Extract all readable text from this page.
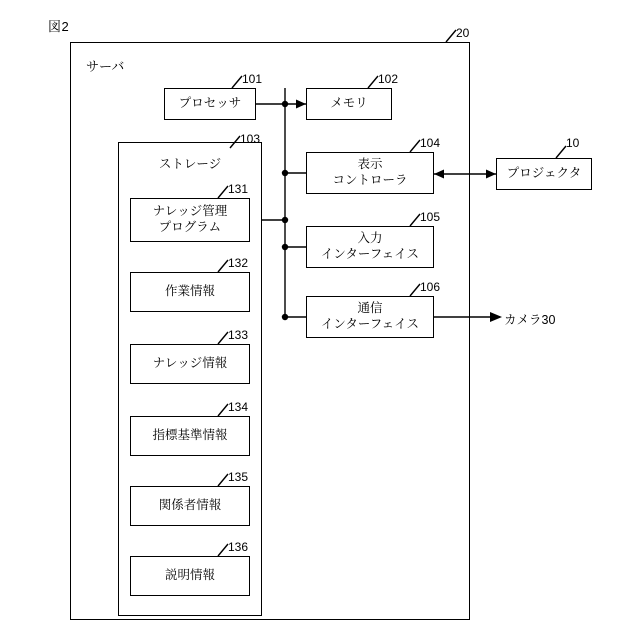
図2
サーバ
20
ストレージ
103
プロセッサ
101
メモリ
102
表示
コントローラ
104
入力
インターフェイス
105
通信
インターフェイス
106
ナレッジ管理
プログラム
131
作業情報
132
ナレッジ情報
133
指標基準情報
134
関係者情報
135
説明情報
136
プロジェクタ
10
カメラ30
